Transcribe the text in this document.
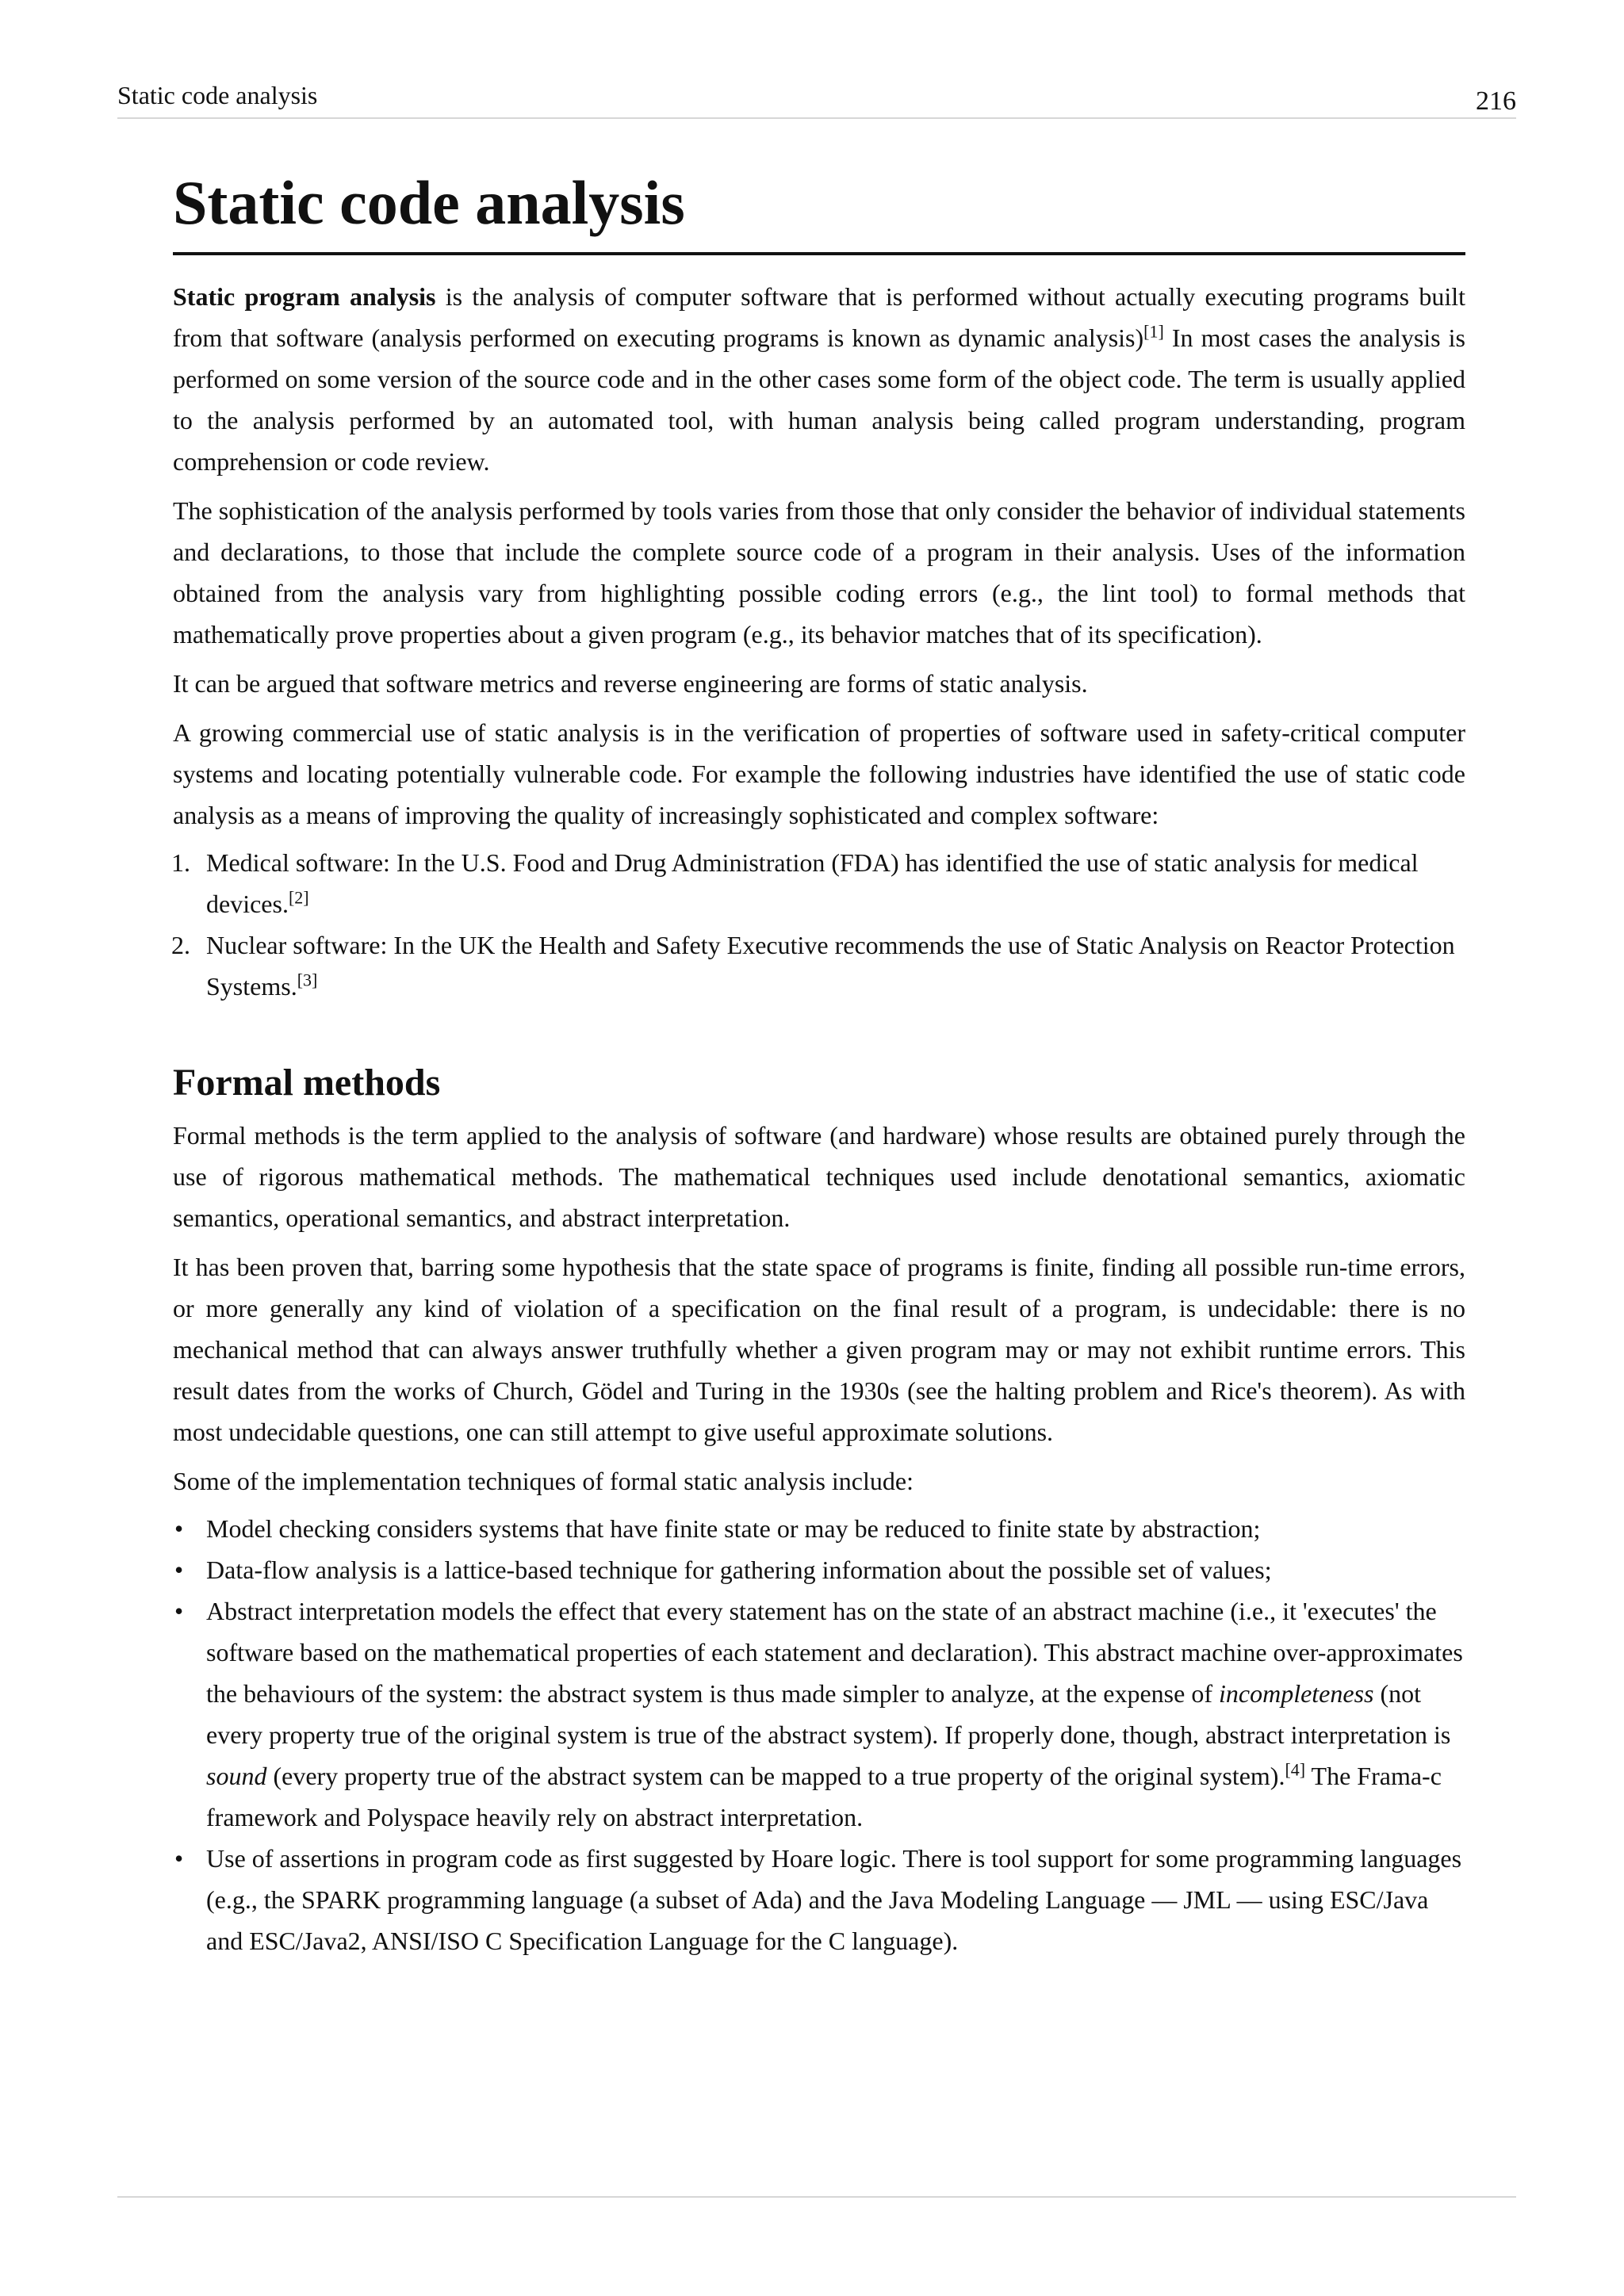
Static code analysis	216
Static code analysis

Static program analysis is the analysis of computer software that is performed without actually executing programs built from that software (analysis performed on executing programs is known as dynamic analysis)[1] In most cases the analysis is performed on some version of the source code and in the other cases some form of the object code. The term is usually applied to the analysis performed by an automated tool, with human analysis being called program understanding, program comprehension or code review.

The sophistication of the analysis performed by tools varies from those that only consider the behavior of individual statements and declarations, to those that include the complete source code of a program in their analysis. Uses of the information obtained from the analysis vary from highlighting possible coding errors (e.g., the lint tool) to formal methods that mathematically prove properties about a given program (e.g., its behavior matches that of its specification).

It can be argued that software metrics and reverse engineering are forms of static analysis.

A growing commercial use of static analysis is in the verification of properties of software used in safety-critical computer systems and locating potentially vulnerable code. For example the following industries have identified the use of static code analysis as a means of improving the quality of increasingly sophisticated and complex software:

1. Medical software: In the U.S. Food and Drug Administration (FDA) has identified the use of static analysis for medical devices.[2]
2. Nuclear software: In the UK the Health and Safety Executive recommends the use of Static Analysis on Reactor Protection Systems.[3]
Formal methods

Formal methods is the term applied to the analysis of software (and hardware) whose results are obtained purely through the use of rigorous mathematical methods. The mathematical techniques used include denotational semantics, axiomatic semantics, operational semantics, and abstract interpretation.

It has been proven that, barring some hypothesis that the state space of programs is finite, finding all possible run-time errors, or more generally any kind of violation of a specification on the final result of a program, is undecidable: there is no mechanical method that can always answer truthfully whether a given program may or may not exhibit runtime errors. This result dates from the works of Church, Gödel and Turing in the 1930s (see the halting problem and Rice's theorem). As with most undecidable questions, one can still attempt to give useful approximate solutions.

Some of the implementation techniques of formal static analysis include:

• Model checking considers systems that have finite state or may be reduced to finite state by abstraction;
• Data-flow analysis is a lattice-based technique for gathering information about the possible set of values;
• Abstract interpretation models the effect that every statement has on the state of an abstract machine (i.e., it 'executes' the software based on the mathematical properties of each statement and declaration). This abstract machine over-approximates the behaviours of the system: the abstract system is thus made simpler to analyze, at the expense of incompleteness (not every property true of the original system is true of the abstract system). If properly done, though, abstract interpretation is sound (every property true of the abstract system can be mapped to a true property of the original system).[4] The Frama-c framework and Polyspace heavily rely on abstract interpretation.
• Use of assertions in program code as first suggested by Hoare logic. There is tool support for some programming languages (e.g., the SPARK programming language (a subset of Ada) and the Java Modeling Language — JML — using ESC/Java and ESC/Java2, ANSI/ISO C Specification Language for the C language).
